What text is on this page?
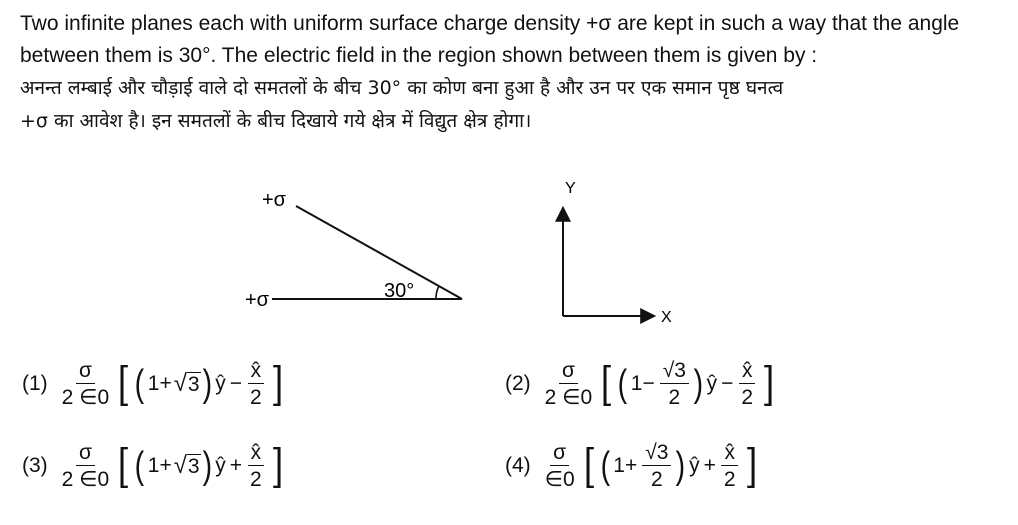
Two infinite planes each with uniform surface charge density +σ are kept in such a way that the angle

between them is 30°. The electric field in the region shown between them is given by :

अनन्त लम्बाई और चौड़ाई वाले दो समतलों के बीच 30° का कोण बना हुआ है और उन पर एक समान पृष्ठ घनत्व

+σ का आवेश है। इन समतलों के बीच दिखाये गये क्षेत्र में विद्युत क्षेत्र होगा।

+σ
+σ	30°
Y
X
$(1) \frac{\sigma}{2 \in 0}$ [ ( 1+ √ 3 ) ŷ − $\frac{x̂}{2}$ ]	$(2) \frac{\sigma}{2 \in 0}$ [ ( $1- \frac{√3}{2}$ ) ŷ − $\frac{x̂}{2}$ ]
$(3) \frac{\sigma}{2 \in 0}$ [ ( 1+ √ 3 ) ŷ + $\frac{x̂}{2}$ ]	$(4) \frac{\sigma}{\in 0}$ [ ( $1+ \frac{√3}{2}$ ) ŷ + $\frac{x̂}{2}$ ]
